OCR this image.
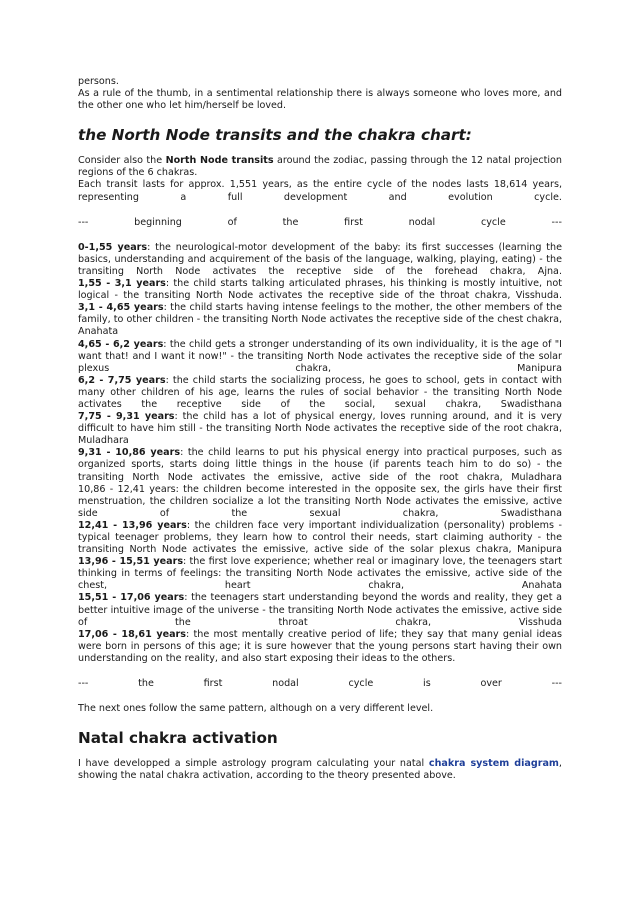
persons.

As a rule of the thumb, in a sentimental relationship there is always someone who loves more, and the other one who let him/herself be loved.

the North Node transits and the chakra chart:

Consider also the North Node transits around the zodiac, passing through the 12 natal projection regions of the 6 chakras.

Each transit lasts for approx. 1,551 years, as the entire cycle of the nodes lasts 18,614 years, representing a full development and evolution cycle.

---	beginning	of	the	first	nodal	cycle	---

0-1,55 years: the neurological-motor development of the baby: its first successes (learning the basics, understanding and acquirement of the basis of the language, walking, playing, eating) - the transiting North Node activates the receptive side of the forehead chakra, Ajna.

1,55 - 3,1 years: the child starts talking articulated phrases, his thinking is mostly intuitive, not logical - the transiting North Node activates the receptive side of the throat chakra, Visshuda.

3,1 - 4,65 years: the child starts having intense feelings to the mother, the other members of the family, to other children - the transiting North Node activates the receptive side of the chest chakra, Anahata

4,65 - 6,2 years: the child gets a stronger understanding of its own individuality, it is the age of "I want that! and I want it now!" - the transiting North Node activates the receptive side of the solar plexus chakra, Manipura

6,2 - 7,75 years: the child starts the socializing process, he goes to school, gets in contact with many other children of his age, learns the rules of social behavior - the transiting North Node activates the receptive side of the social, sexual chakra, Swadisthana

7,75 - 9,31 years: the child has a lot of physical energy, loves running around, and it is very difficult to have him still - the transiting North Node activates the receptive side of the root chakra, Muladhara

9,31 - 10,86 years: the child learns to put his physical energy into practical purposes, such as organized sports, starts doing little things in the house (if parents teach him to do so) - the transiting North Node activates the emissive, active side of the root chakra, Muladhara

10,86 - 12,41 years: the children become interested in the opposite sex, the girls have their first menstruation, the children socialize a lot the transiting North Node activates the emissive, active side of the sexual chakra, Swadisthana

12,41 - 13,96 years: the children face very important individualization (personality) problems - typical teenager problems, they learn how to control their needs, start claiming authority - the transiting North Node activates the emissive, active side of the solar plexus chakra, Manipura

13,96 - 15,51 years: the first love experience; whether real or imaginary love, the teenagers start thinking in terms of feelings: the transiting North Node activates the emissive, active side of the chest, heart chakra, Anahata

15,51 - 17,06 years: the teenagers start understanding beyond the words and reality, they get a better intuitive image of the universe - the transiting North Node activates the emissive, active side of the throat chakra, Visshuda

17,06 - 18,61 years: the most mentally creative period of life; they say that many genial ideas were born in persons of this age; it is sure however that the young persons start having their own understanding on the reality, and also start exposing their ideas to the others.

---	the	first	nodal	cycle	is	over	---

The next ones follow the same pattern, although on a very different level.

Natal chakra activation

I have developped a simple astrology program calculating your natal chakra system diagram, showing the natal chakra activation, according to the theory presented above.
